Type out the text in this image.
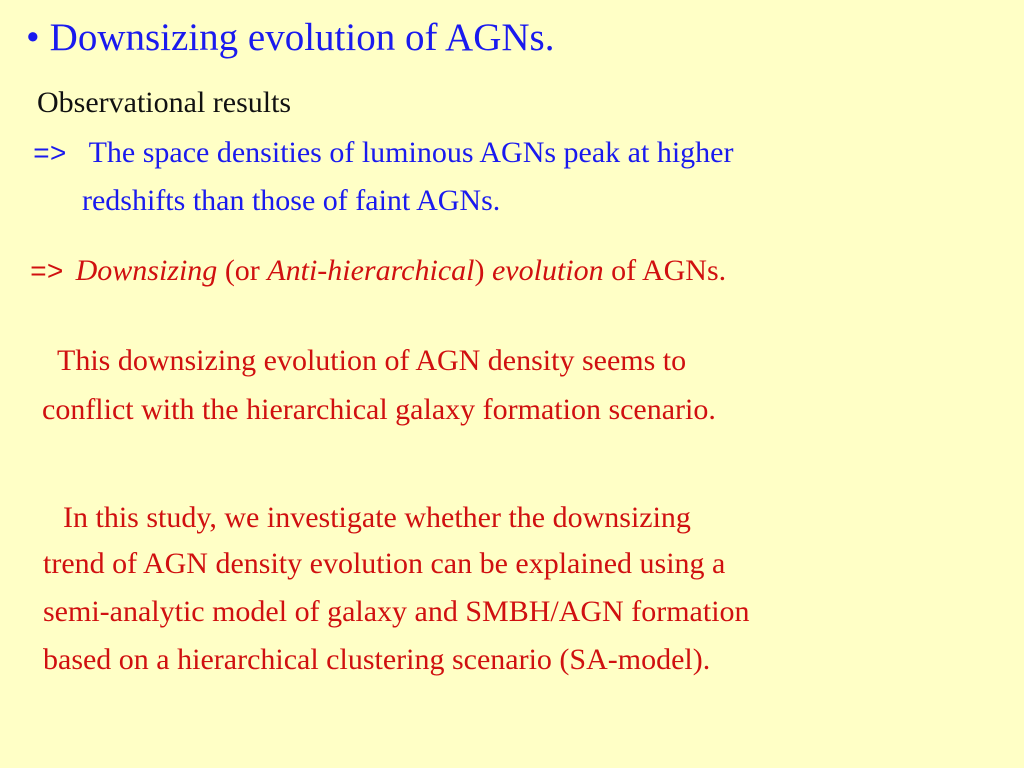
• Downsizing evolution of AGNs.
Observational results
=> The space densities of luminous AGNs peak at higher
redshifts than those of faint AGNs.
=> Downsizing (or Anti-hierarchical) evolution of AGNs.
This downsizing evolution of AGN density seems to
conflict with the hierarchical galaxy formation scenario.
In this study, we investigate whether the downsizing
trend of AGN density evolution can be explained using a
semi-analytic model of galaxy and SMBH/AGN formation
based on a hierarchical clustering scenario (SA-model).
